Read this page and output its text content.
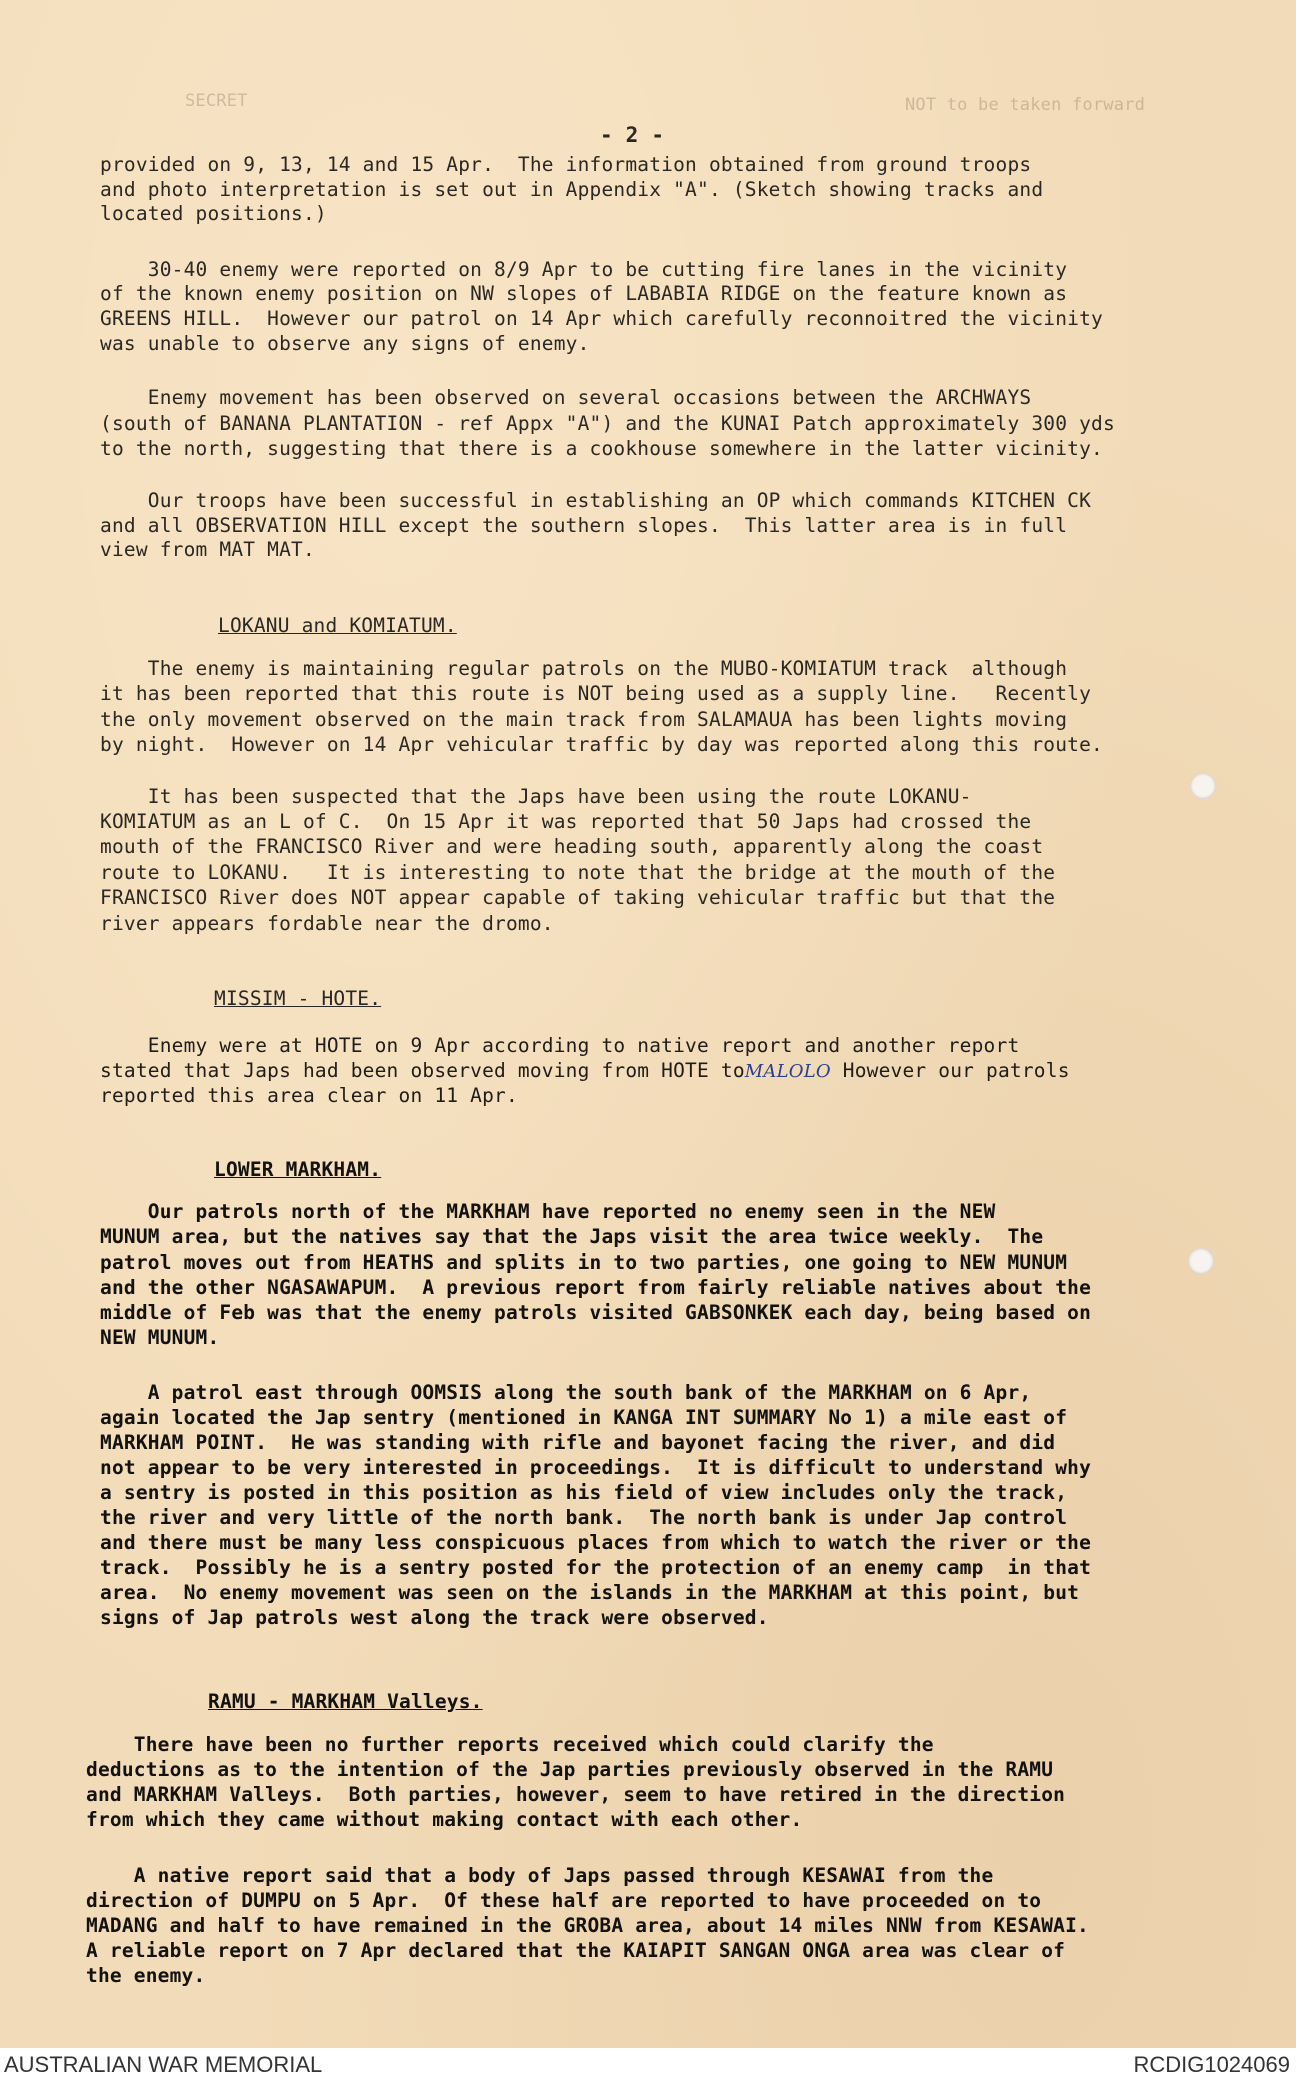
NOT to be taken forward
SECRET
- 2 -
provided on 9, 13, 14 and 15 Apr.  The information obtained from ground troops
and photo interpretation is set out in Appendix "A". (Sketch showing tracks and
located positions.)
30-40 enemy were reported on 8/9 Apr to be cutting fire lanes in the vicinity
of the known enemy position on NW slopes of LABABIA RIDGE on the feature known as
GREENS HILL.  However our patrol on 14 Apr which carefully reconnoitred the vicinity
was unable to observe any signs of enemy.
Enemy movement has been observed on several occasions between the ARCHWAYS
(south of BANANA PLANTATION - ref Appx "A") and the KUNAI Patch approximately 300 yds
to the north, suggesting that there is a cookhouse somewhere in the latter vicinity.
Our troops have been successful in establishing an OP which commands KITCHEN CK
and all OBSERVATION HILL except the southern slopes.  This latter area is in full
view from MAT MAT.
LOKANU and KOMIATUM.
The enemy is maintaining regular patrols on the MUBO-KOMIATUM track  although
it has been reported that this route is NOT being used as a supply line.   Recently
the only movement observed on the main track from SALAMAUA has been lights moving
by night.  However on 14 Apr vehicular traffic by day was reported along this route.
It has been suspected that the Japs have been using the route LOKANU-
KOMIATUM as an L of C.  On 15 Apr it was reported that 50 Japs had crossed the
mouth of the FRANCISCO River and were heading south, apparently along the coast
route to LOKANU.   It is interesting to note that the bridge at the mouth of the
FRANCISCO River does NOT appear capable of taking vehicular traffic but that the
river appears fordable near the dromo.
MISSIM - HOTE.
Enemy were at HOTE on 9 Apr according to native report and another report
stated that Japs had been observed moving from HOTE toMALOLO However our patrols
reported this area clear on 11 Apr.
LOWER MARKHAM.
Our patrols north of the MARKHAM have reported no enemy seen in the NEW
MUNUM area, but the natives say that the Japs visit the area twice weekly.  The
patrol moves out from HEATHS and splits in to two parties, one going to NEW MUNUM
and the other NGASAWAPUM.  A previous report from fairly reliable natives about the
middle of Feb was that the enemy patrols visited GABSONKEK each day, being based on
NEW MUNUM.
A patrol east through OOMSIS along the south bank of the MARKHAM on 6 Apr,
again located the Jap sentry (mentioned in KANGA INT SUMMARY No 1) a mile east of
MARKHAM POINT.  He was standing with rifle and bayonet facing the river, and did
not appear to be very interested in proceedings.  It is difficult to understand why
a sentry is posted in this position as his field of view includes only the track,
the river and very little of the north bank.  The north bank is under Jap control
and there must be many less conspicuous places from which to watch the river or the
track.  Possibly he is a sentry posted for the protection of an enemy camp  in that
area.  No enemy movement was seen on the islands in the MARKHAM at this point, but
signs of Jap patrols west along the track were observed.
RAMU - MARKHAM Valleys.
There have been no further reports received which could clarify the
deductions as to the intention of the Jap parties previously observed in the RAMU
and MARKHAM Valleys.  Both parties, however, seem to have retired in the direction
from which they came without making contact with each other.
A native report said that a body of Japs passed through KESAWAI from the
direction of DUMPU on 5 Apr.  Of these half are reported to have proceeded on to
MADANG and half to have remained in the GROBA area, about 14 miles NNW from KESAWAI.
A reliable report on 7 Apr declared that the KAIAPIT SANGAN ONGA area was clear of
the enemy.
AUSTRALIAN WAR MEMORIAL	RCDIG1024069
